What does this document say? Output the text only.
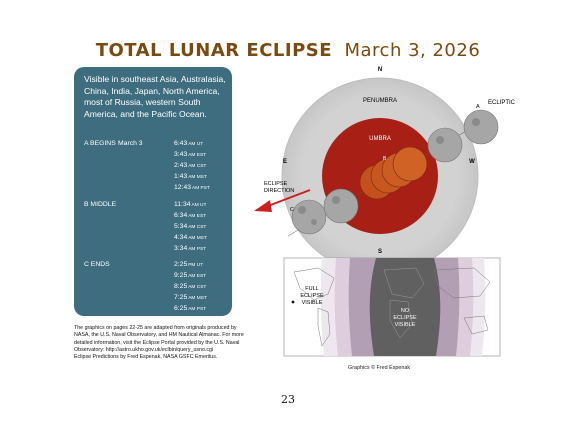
TOTAL LUNAR ECLIPSE March 3, 2026
Visible in southeast Asia, Australasia, China, India, Japan, North America, most of Russia, western South America, and the Pacific Ocean.
A BEGINS March 3	6:43AM UT
3:43AM EST
2:43AM CST
1:43AM MST
12:43AM PST
B MIDDLE	11:34AM UT
6:34AM EST
5:34AM CST
4:34AM MST
3:34AM PST
C ENDS	2:25PM UT
9:25AM EST
8:25AM CST
7:25AM MST
6:25AM PST
The graphics on pages 22-25 are adapted from originals produced by
NASA, the U.S. Naval Observatory, and HM Nautical Almanac. For more
detailed information, visit the Eclipse Portal provided by the U.S. Naval
Observatory: http://astro.ukho.gov.uk/eclbin/query_usno.cgi
Eclipse Predictions by Fred Espenak, NASA GSFC Emeritus.
N
S
E	W
PENUMBRA
UMBRA
ECLIPTIC
ECLIPSE
DIRECTION
A
B
C
FULL
ECLIPSE
VISIBLE
NO
ECLIPSE
VISIBLE
Graphics © Fred Espenak
23
